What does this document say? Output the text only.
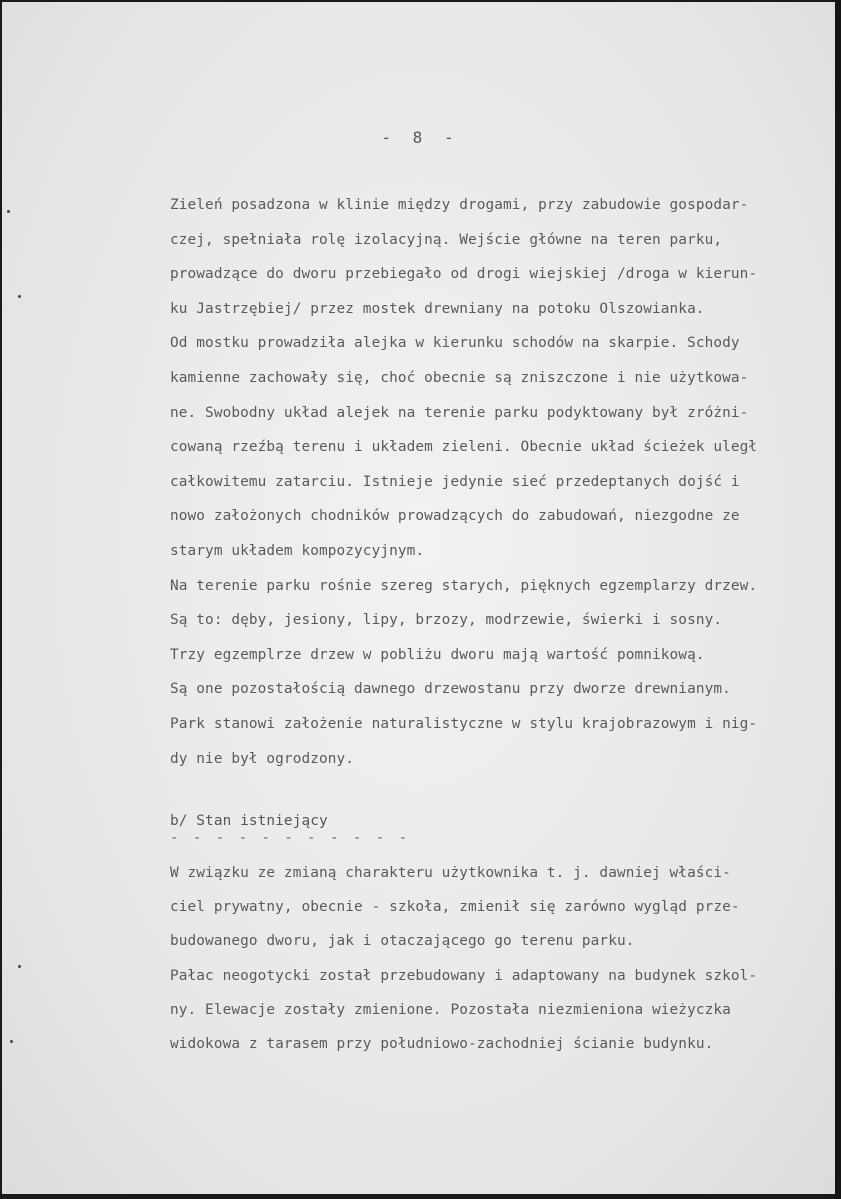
- 8 -
Zieleń posadzona w klinie między drogami, przy zabudowie gospodar-
czej, spełniała rolę izolacyjną. Wejście główne na teren parku,
prowadzące do dworu przebiegało od drogi wiejskiej /droga w kierun-
ku Jastrzębiej/ przez mostek drewniany na potoku Olszowianka.
Od mostku prowadziła alejka w kierunku schodów na skarpie. Schody
kamienne zachowały się, choć obecnie są zniszczone i nie użytkowa-
ne. Swobodny układ alejek na terenie parku podyktowany był zróżni-
cowaną rzeźbą terenu i układem zieleni. Obecnie układ ścieżek uległ
całkowitemu zatarciu. Istnieje jedynie sieć przedeptanych dojść i
nowo założonych chodników prowadzących do zabudowań, niezgodne ze
starym układem kompozycyjnym.
Na terenie parku rośnie szereg starych, pięknych egzemplarzy drzew.
Są to: dęby, jesiony, lipy, brzozy, modrzewie, świerki i sosny.
Trzy egzemplrze drzew w pobliżu dworu mają wartość pomnikową.
Są one pozostałością dawnego drzewostanu przy dworze drewnianym.
Park stanowi założenie naturalistyczne w stylu krajobrazowym i nig-
dy nie był ogrodzony.
b/ Stan istniejący
- - - - - - - - - - -
W związku ze zmianą charakteru użytkownika t. j. dawniej właści-
ciel prywatny, obecnie - szkoła, zmienił się zarówno wygląd prze-
budowanego dworu, jak i otaczającego go terenu parku.
Pałac neogotycki został przebudowany i adaptowany na budynek szkol-
ny. Elewacje zostały zmienione. Pozostała niezmieniona wieżyczka
widokowa z tarasem przy południowo-zachodniej ścianie budynku.
